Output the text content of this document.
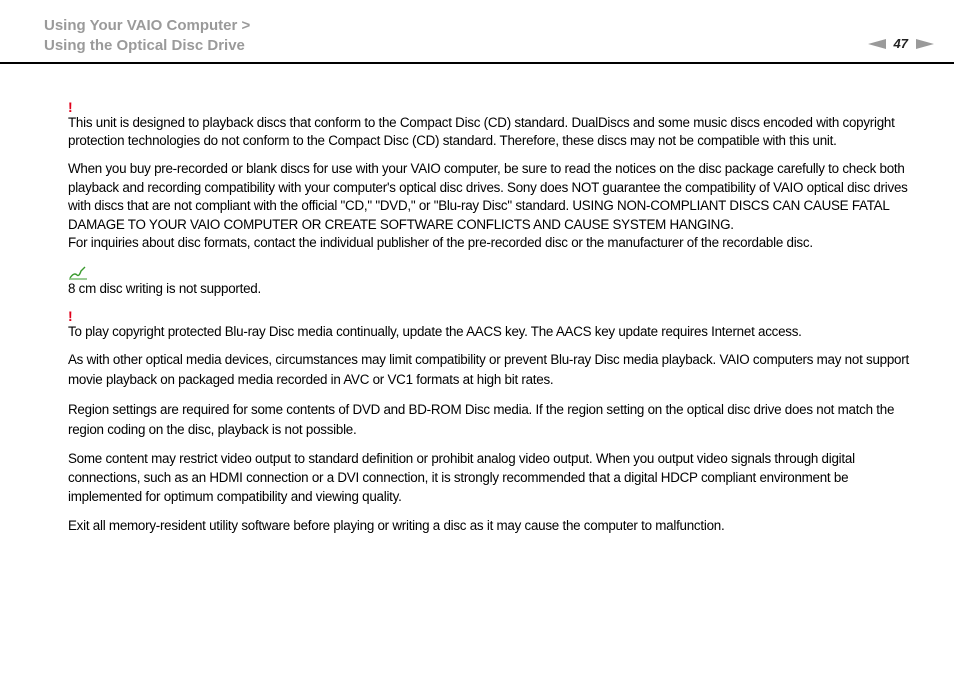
Using Your VAIO Computer >
Using the Optical Disc Drive	47
!

This unit is designed to playback discs that conform to the Compact Disc (CD) standard. DualDiscs and some music discs encoded with copyright protection technologies do not conform to the Compact Disc (CD) standard. Therefore, these discs may not be compatible with this unit.

When you buy pre-recorded or blank discs for use with your VAIO computer, be sure to read the notices on the disc package carefully to check both playback and recording compatibility with your computer's optical disc drives. Sony does NOT guarantee the compatibility of VAIO optical disc drives with discs that are not compliant with the official "CD," "DVD," or "Blu-ray Disc" standard. USING NON-COMPLIANT DISCS CAN CAUSE FATAL DAMAGE TO YOUR VAIO COMPUTER OR CREATE SOFTWARE CONFLICTS AND CAUSE SYSTEM HANGING.

For inquiries about disc formats, contact the individual publisher of the pre-recorded disc or the manufacturer of the recordable disc.

8 cm disc writing is not supported.

!

To play copyright protected Blu-ray Disc media continually, update the AACS key. The AACS key update requires Internet access.

As with other optical media devices, circumstances may limit compatibility or prevent Blu-ray Disc media playback. VAIO computers may not support movie playback on packaged media recorded in AVC or VC1 formats at high bit rates.

Region settings are required for some contents of DVD and BD-ROM Disc media. If the region setting on the optical disc drive does not match the region coding on the disc, playback is not possible.

Some content may restrict video output to standard definition or prohibit analog video output. When you output video signals through digital connections, such as an HDMI connection or a DVI connection, it is strongly recommended that a digital HDCP compliant environment be implemented for optimum compatibility and viewing quality.

Exit all memory-resident utility software before playing or writing a disc as it may cause the computer to malfunction.
